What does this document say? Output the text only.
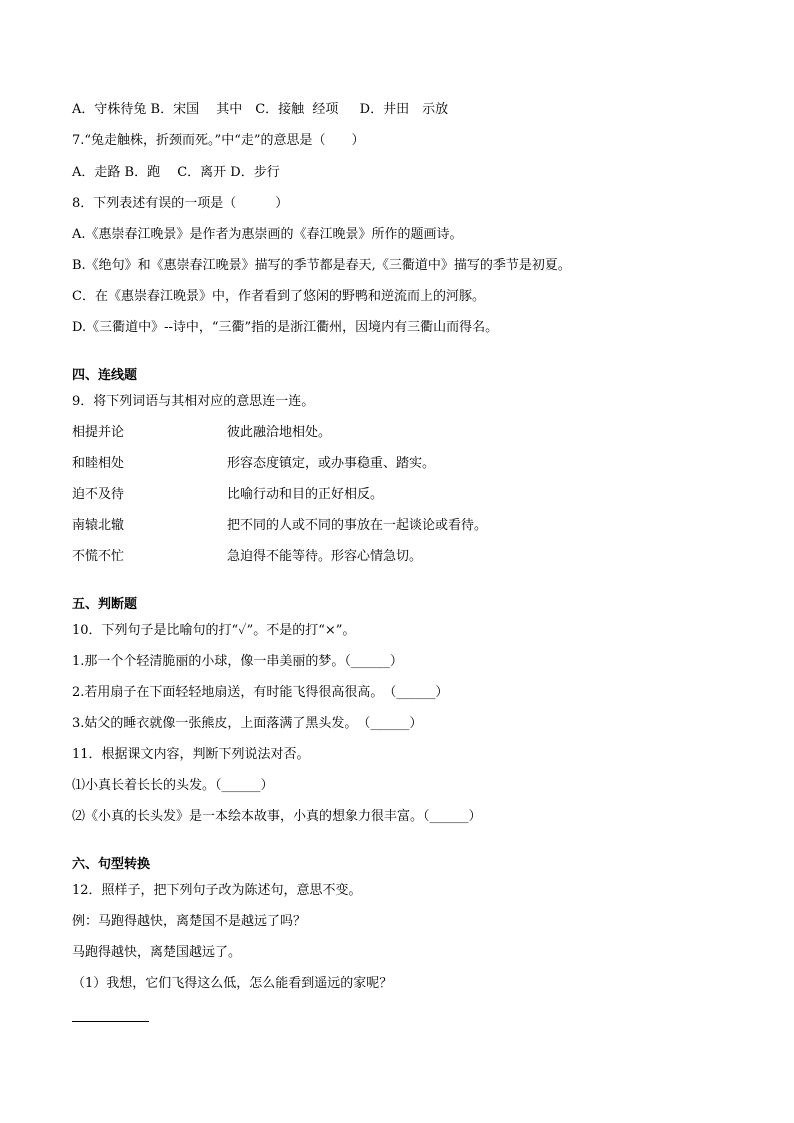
A．守株待兔 B．宋国　 其中　C．接触  经项　  D．井田　示放
7.“兔走触株，折颈而死。”中“走”的意思是（　　）
A．走路 B．跑　 C．离开 D．步行
8．下列表述有误的一项是（　　　）
A.《惠崇春江晚景》是作者为惠崇画的《春江晚景》所作的题画诗。
B.《绝句》和《惠崇春江晚景》描写的季节都是春天,《三衢道中》描写的季节是初夏。
C．在《惠崇春江晚景》中，作者看到了悠闲的野鸭和逆流而上的河豚。
D.《三衢道中》--诗中，“三衢”指的是浙江衢州，因境内有三衢山而得名。
四、连线题
9．将下列词语与其相对应的意思连一连。
相提并论	彼此融洽地相处。
和睦相处	形容态度镇定，或办事稳重、踏实。
迫不及待	比喻行动和目的正好相反。
南辕北辙	把不同的人或不同的事放在一起谈论或看待。
不慌不忙	急迫得不能等待。形容心情急切。
五、判断题
10．下列句子是比喻句的打“✓”。不是的打“×”。
1.那一个个轻清脆丽的小球，像一串美丽的梦。（______）
2.若用扇子在下面轻轻地扇送，有时能飞得很高很高。　（______）
3.姑父的睡衣就像一张熊皮，上面落满了黑头发。　（______）
11．根据课文内容，判断下列说法对否。
⑴小真长着长长的头发。（______）
⑵《小真的长头发》是一本绘本故事，小真的想象力很丰富。（______）
六、句型转换
12．照样子，把下列句子改为陈述句，意思不变。
例：马跑得越快，离楚国不是越远了吗？
马跑得越快，离楚国越远了。
（1）我想，它们飞得这么低，怎么能看到遥远的家呢？
